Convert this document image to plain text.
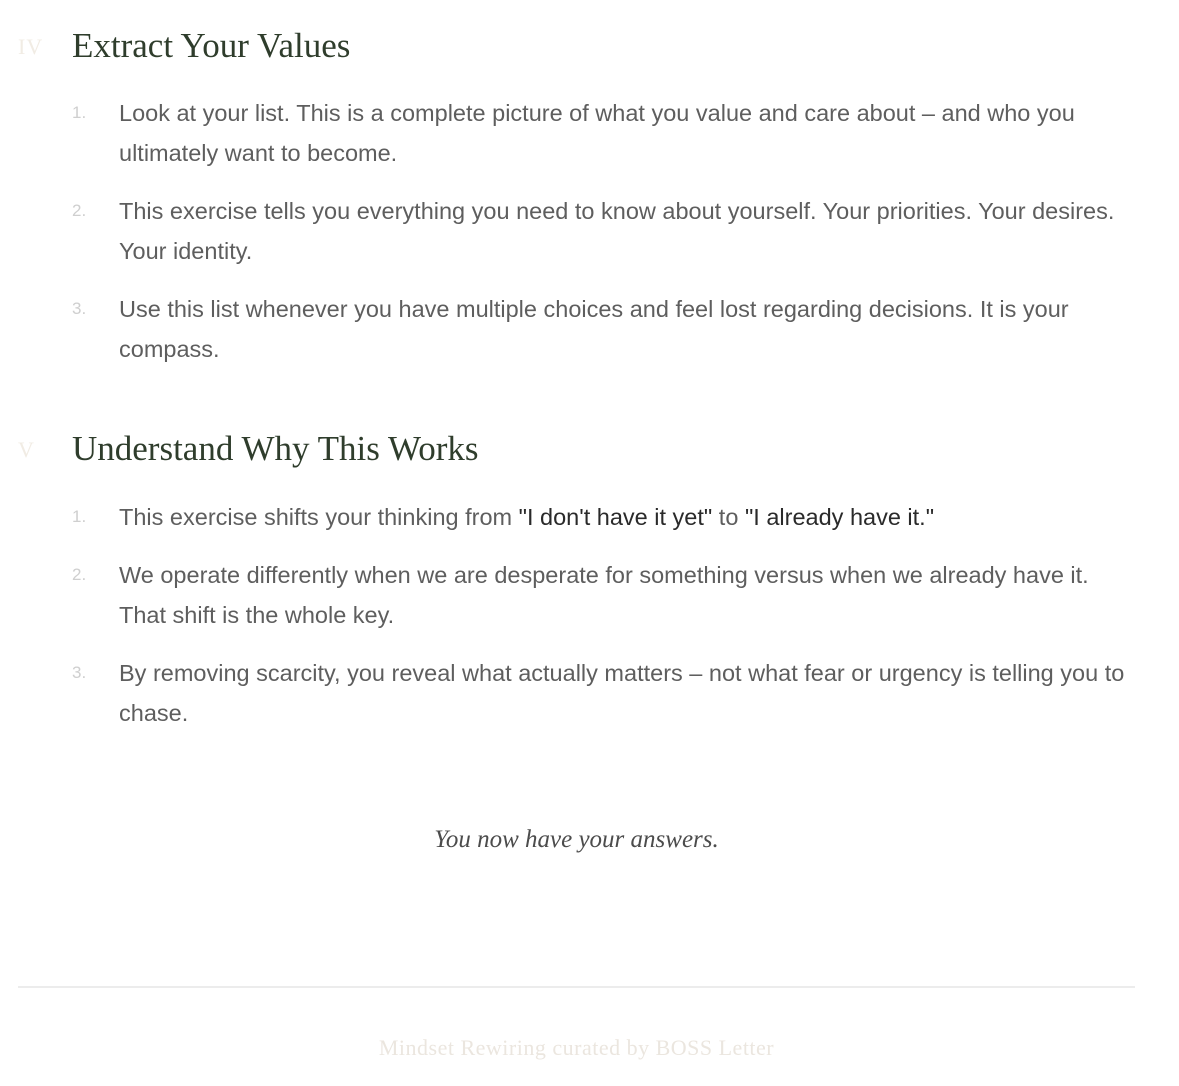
IV Extract Your Values
1. Look at your list. This is a complete picture of what you value and care about – and who you ultimately want to become.
2. This exercise tells you everything you need to know about yourself. Your priorities. Your desires. Your identity.
3. Use this list whenever you have multiple choices and feel lost regarding decisions. It is your compass.
V Understand Why This Works
1. This exercise shifts your thinking from "I don't have it yet" to "I already have it."
2. We operate differently when we are desperate for something versus when we already have it. That shift is the whole key.
3. By removing scarcity, you reveal what actually matters – not what fear or urgency is telling you to chase.
You now have your answers.
Mindset Rewiring curated by BOSS Letter
